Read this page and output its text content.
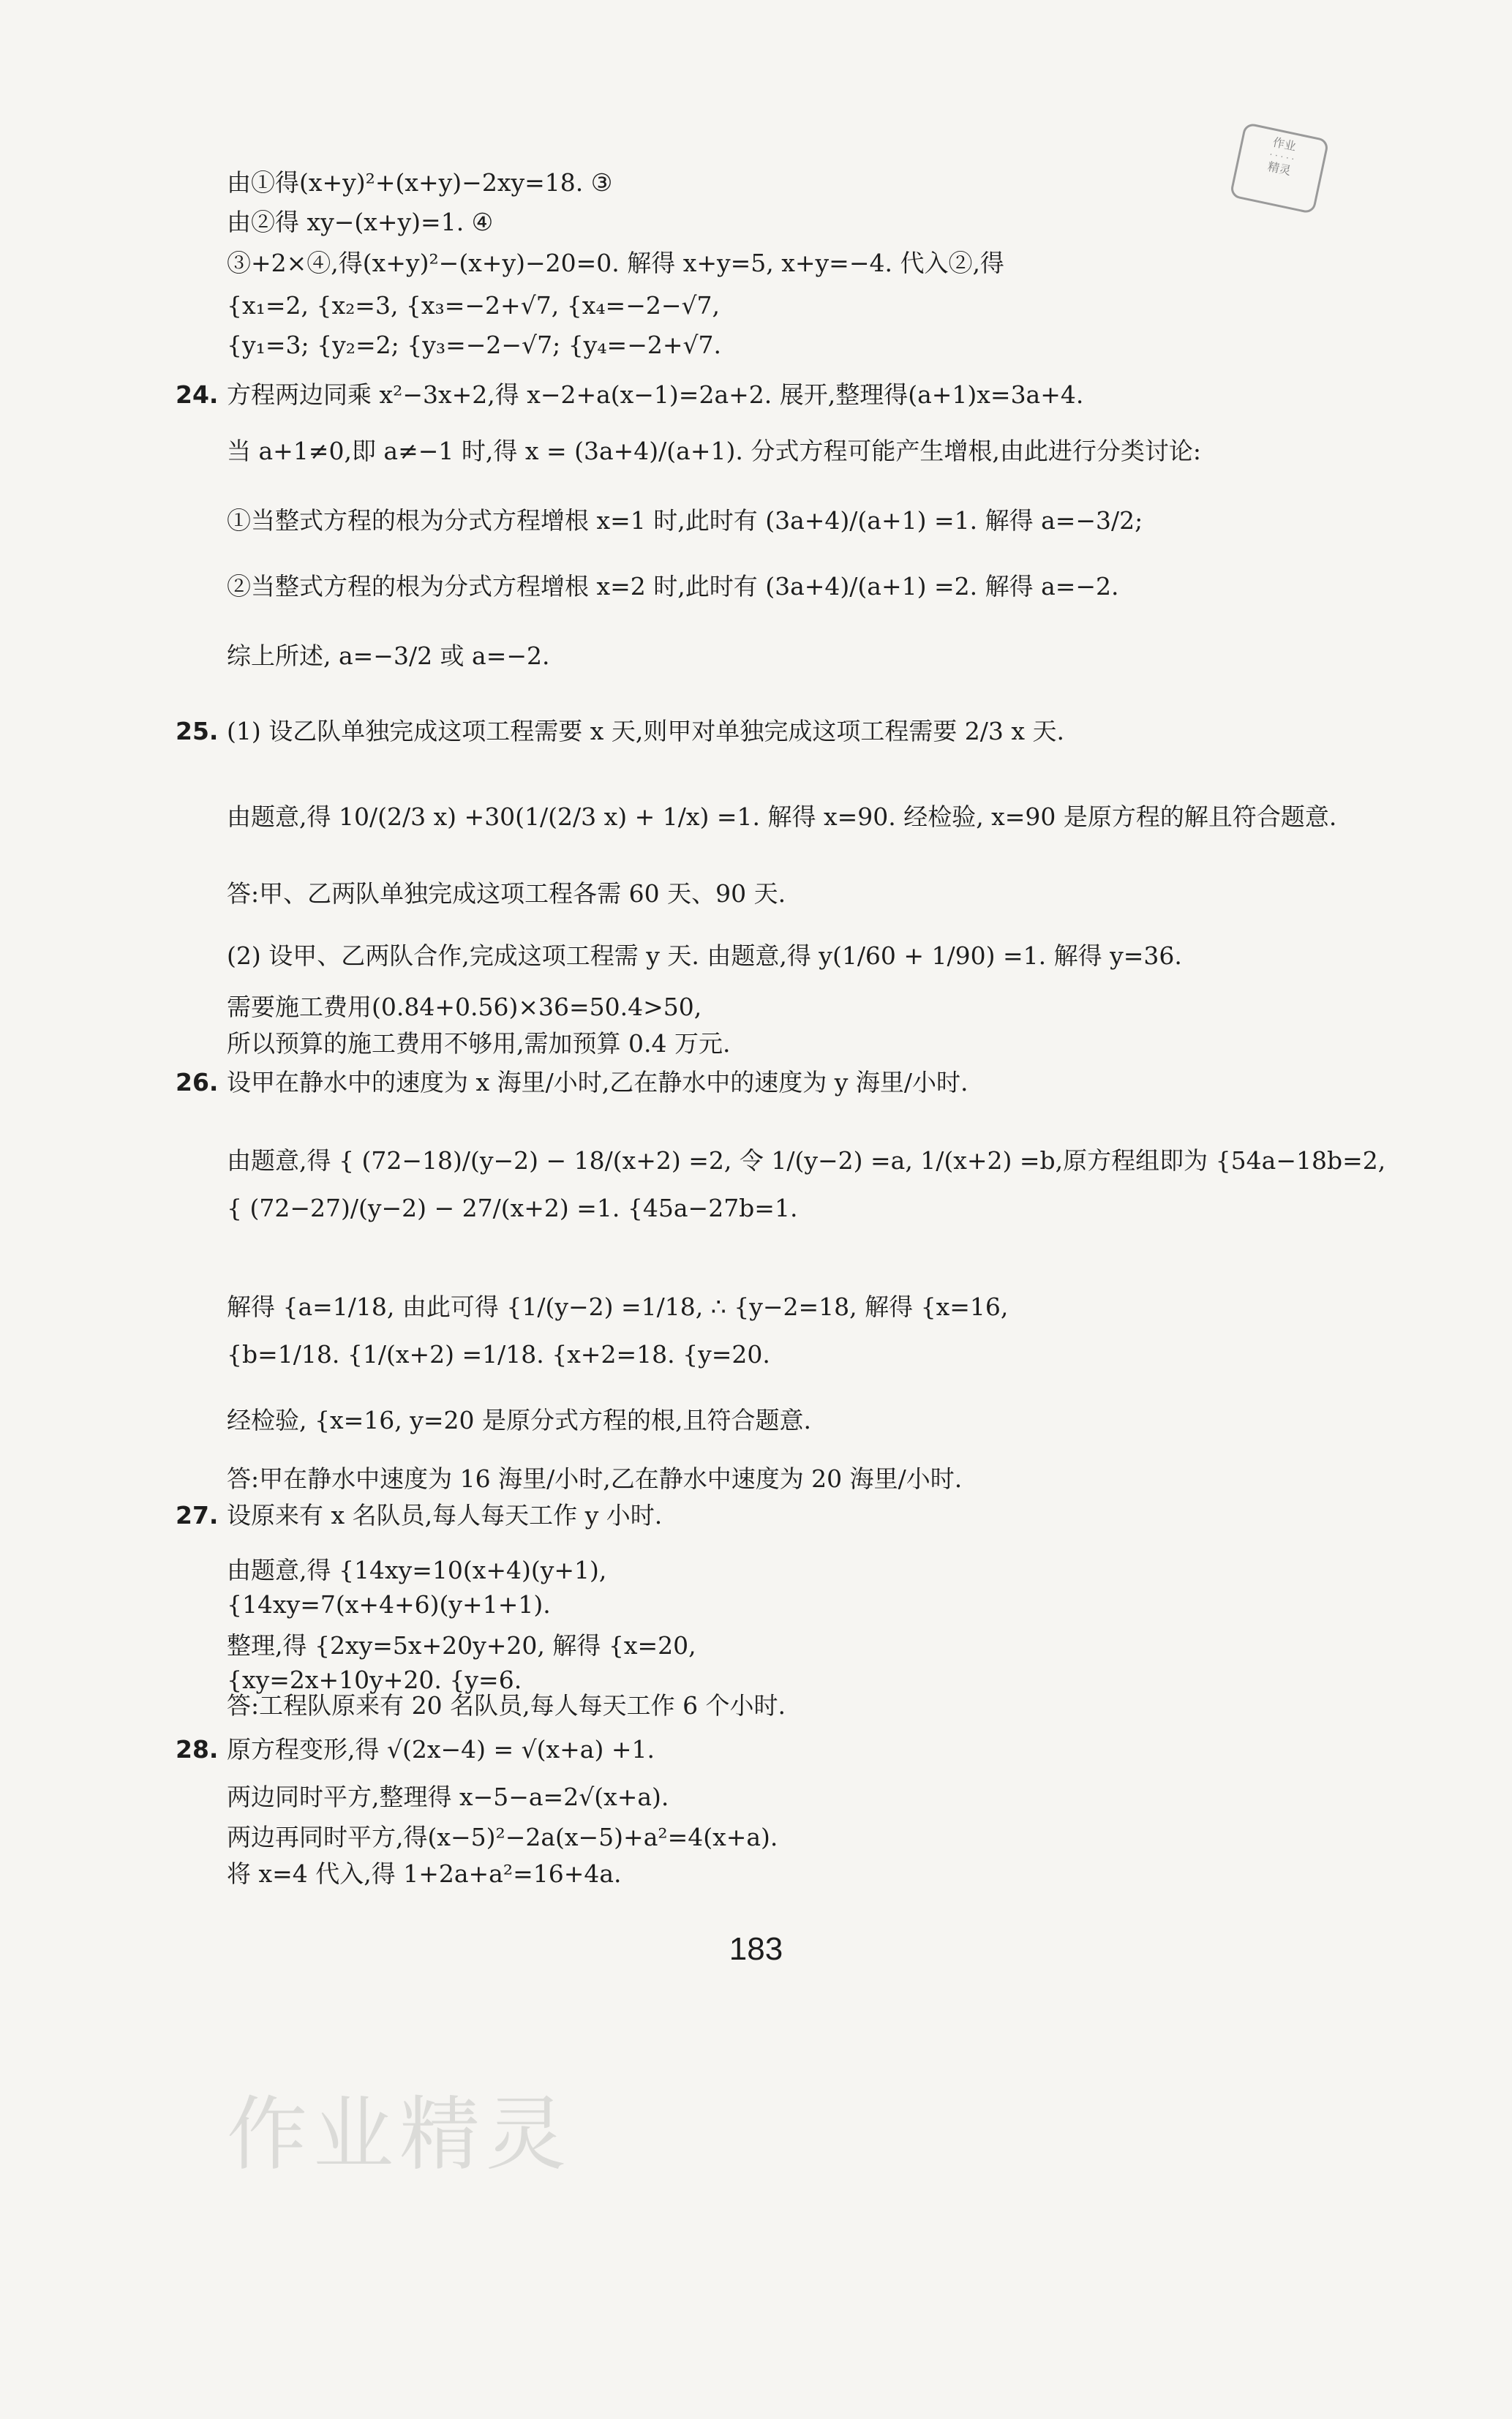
作业
· · · · ·
精灵
由①得(x+y)²+(x+y)−2xy=18. ③
由②得 xy−(x+y)=1. ④
③+2×④,得(x+y)²−(x+y)−20=0. 解得 x+y=5, x+y=−4. 代入②,得
{x₁=2, {x₂=3, {x₃=−2+√7, {x₄=−2−√7,
{y₁=3; {y₂=2; {y₃=−2−√7; {y₄=−2+√7.
24. 方程两边同乘 x²−3x+2,得 x−2+a(x−1)=2a+2. 展开,整理得(a+1)x=3a+4.
当 a+1≠0,即 a≠−1 时,得 x = (3a+4)/(a+1). 分式方程可能产生增根,由此进行分类讨论:
①当整式方程的根为分式方程增根 x=1 时,此时有 (3a+4)/(a+1) =1. 解得 a=−3/2;
②当整式方程的根为分式方程增根 x=2 时,此时有 (3a+4)/(a+1) =2. 解得 a=−2.
综上所述, a=−3/2 或 a=−2.
25. (1) 设乙队单独完成这项工程需要 x 天,则甲对单独完成这项工程需要 2/3 x 天.
由题意,得 10/(2/3 x) +30(1/(2/3 x) + 1/x) =1. 解得 x=90. 经检验, x=90 是原方程的解且符合题意.
答:甲、乙两队单独完成这项工程各需 60 天、90 天.
(2) 设甲、乙两队合作,完成这项工程需 y 天. 由题意,得 y(1/60 + 1/90) =1. 解得 y=36.
需要施工费用(0.84+0.56)×36=50.4>50,
所以预算的施工费用不够用,需加预算 0.4 万元.
26. 设甲在静水中的速度为 x 海里/小时,乙在静水中的速度为 y 海里/小时.
由题意,得 { (72−18)/(y−2) − 18/(x+2) =2, 令 1/(y−2) =a, 1/(x+2) =b,原方程组即为 {54a−18b=2,
{ (72−27)/(y−2) − 27/(x+2) =1. {45a−27b=1.
解得 {a=1/18, 由此可得 {1/(y−2) =1/18, ∴ {y−2=18, 解得 {x=16,
{b=1/18. {1/(x+2) =1/18. {x+2=18. {y=20.
经检验, {x=16, y=20 是原分式方程的根,且符合题意.
答:甲在静水中速度为 16 海里/小时,乙在静水中速度为 20 海里/小时.
27. 设原来有 x 名队员,每人每天工作 y 小时.
由题意,得 {14xy=10(x+4)(y+1),
{14xy=7(x+4+6)(y+1+1).
整理,得 {2xy=5x+20y+20, 解得 {x=20,
{xy=2x+10y+20. {y=6.
答:工程队原来有 20 名队员,每人每天工作 6 个小时.
28. 原方程变形,得 √(2x−4) = √(x+a) +1.
两边同时平方,整理得 x−5−a=2√(x+a).
两边再同时平方,得(x−5)²−2a(x−5)+a²=4(x+a).
将 x=4 代入,得 1+2a+a²=16+4a.
183
作业精灵
